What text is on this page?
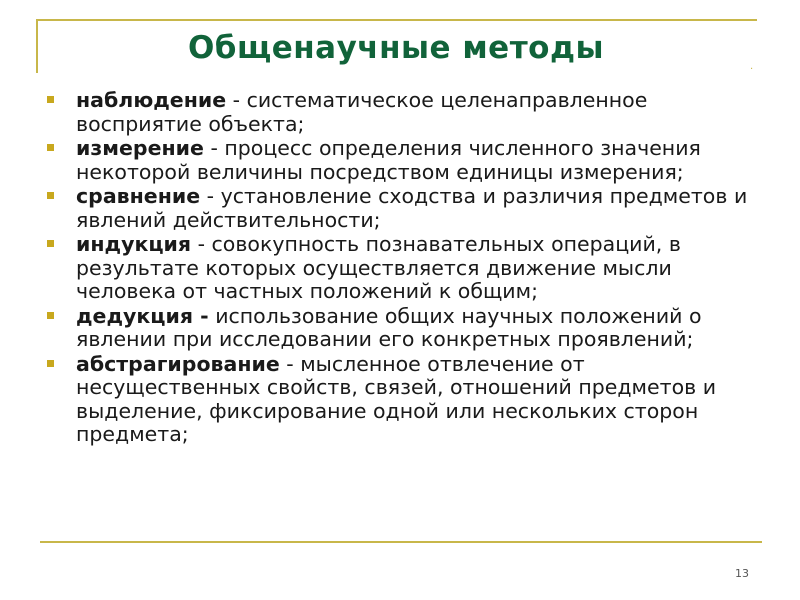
.
Общенаучные методы
наблюдение - систематическое целенаправленное восприятие объекта;
измерение - процесс определения численного значения некоторой величины посредством единицы измерения;
сравнение - установление сходства и различия предметов и явлений действительности;
индукция - совокупность познавательных операций, в результате которых осуществляется движение мысли человека от частных положений к общим;
дедукция - использование общих научных положений о явлении при исследовании его конкретных проявлений;
абстрагирование - мысленное отвлечение от несущественных свойств, связей, отношений предметов и выделение, фиксирование одной или нескольких сторон предмета;
13
